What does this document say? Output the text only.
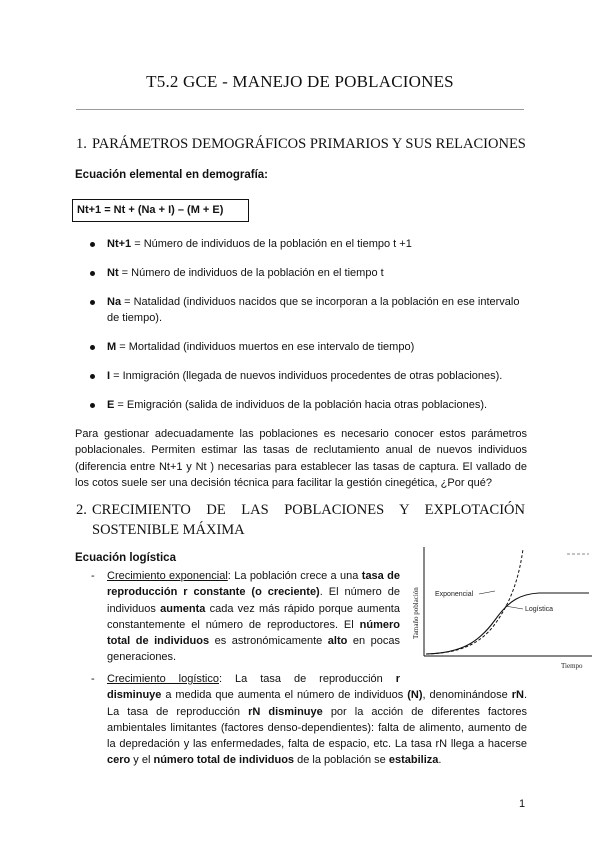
T5.2 GCE - MANEJO DE POBLACIONES
1. PARÁMETROS DEMOGRÁFICOS PRIMARIOS Y SUS RELACIONES

Ecuación elemental en demografía:

Nt+1 = Nt + (Na + I) – (M + E)
Nt+1 = Número de individuos de la población en el tiempo t +1
Nt = Número de individuos de la población en el tiempo t
Na = Natalidad (individuos nacidos que se incorporan a la población en ese intervalo de tiempo).
M = Mortalidad (individuos muertos en ese intervalo de tiempo)
I = Inmigración (llegada de nuevos individuos procedentes de otras poblaciones).
E = Emigración (salida de individuos de la población hacia otras poblaciones).

Para gestionar adecuadamente las poblaciones es necesario conocer estos parámetros poblacionales. Permiten estimar las tasas de reclutamiento anual de nuevos individuos (diferencia entre Nt+1 y Nt ) necesarias para establecer las tasas de captura. El vallado de los cotos suele ser una decisión técnica para facilitar la gestión cinegética, ¿Por qué?

2. CRECIMIENTO DE LAS POBLACIONES Y EXPLOTACIÓN
SOSTENIBLE MÁXIMA

Ecuación logística

- Crecimiento exponencial: La población crece a una tasa de reproducción r constante (o creciente). El número de individuos aumenta cada vez más rápido porque aumenta constantemente el número de reproductores. El número total de individuos es astronómicamente alto en pocas generaciones.
- Crecimiento logístico: La tasa de reproducción r
disminuye a medida que aumenta el número de individuos (N), denominándose rN. La tasa de reproducción rN disminuye por la acción de diferentes factores ambientales limitantes (factores denso-dependientes): falta de alimento, aumento de la depredación y las enfermedades, falta de espacio, etc. La tasa rN llega a hacerse cero y el número total de individuos de la población se estabiliza.
Exponencial
Logística
Tamaño población
Tiempo
1
